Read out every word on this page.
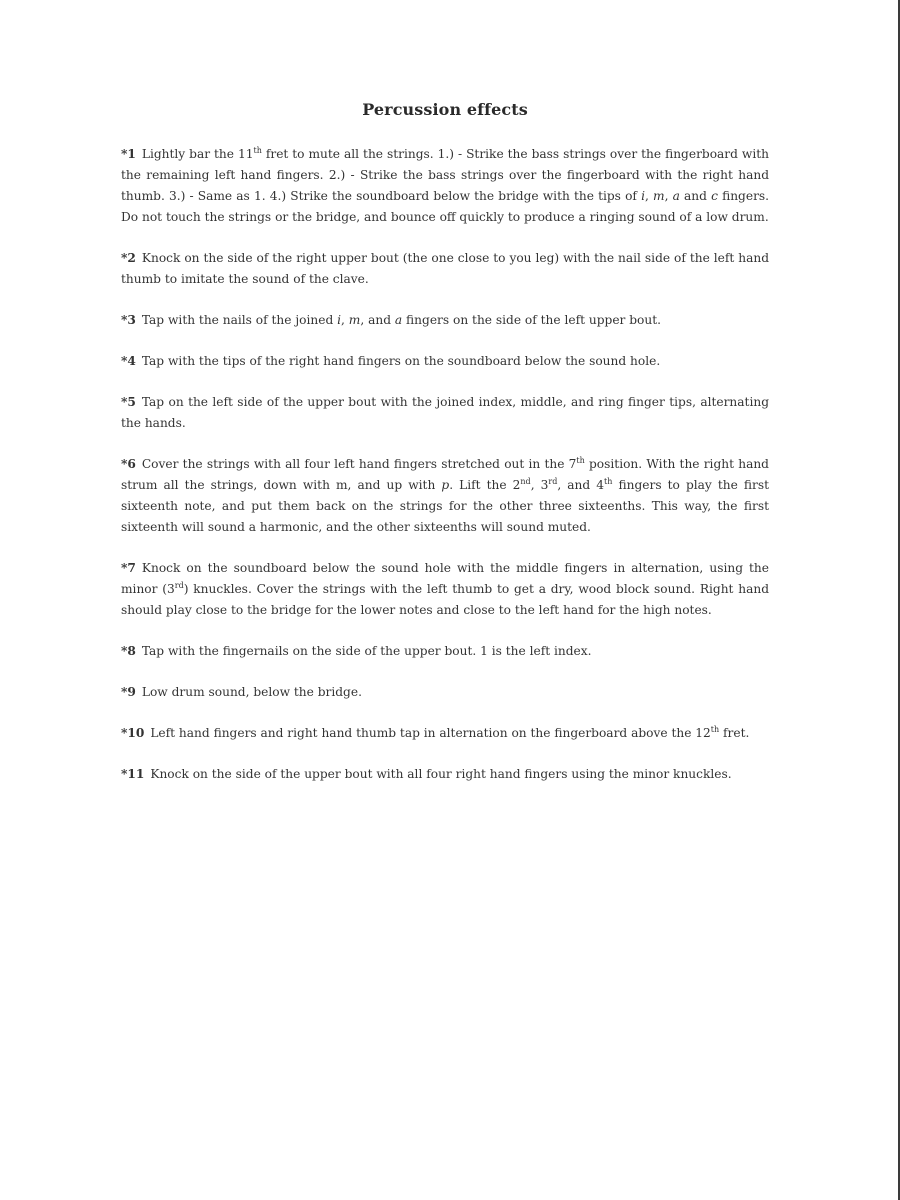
Percussion effects

*1 Lightly bar the 11th fret to mute all the strings. 1.) - Strike the bass strings over the fingerboard with the remaining left hand fingers. 2.) - Strike the bass strings over the fingerboard with the right hand thumb. 3.) - Same as 1. 4.) Strike the soundboard below the bridge with the tips of i, m, a and c fingers. Do not touch the strings or the bridge, and bounce off quickly to produce a ringing sound of a low drum.

*2 Knock on the side of the right upper bout (the one close to you leg) with the nail side of the left hand thumb to imitate the sound of the clave.

*3 Tap with the nails of the joined i, m, and a fingers on the side of the left upper bout.

*4 Tap with the tips of the right hand fingers on the soundboard below the sound hole.

*5 Tap on the left side of the upper bout with the joined index, middle, and ring finger tips, alternating the hands.

*6 Cover the strings with all four left hand fingers stretched out in the 7th position. With the right hand strum all the strings, down with m, and up with p. Lift the 2nd, 3rd, and 4th fingers to play the first sixteenth note, and put them back on the strings for the other three sixteenths. This way, the first sixteenth will sound a harmonic, and the other sixteenths will sound muted.

*7 Knock on the soundboard below the sound hole with the middle fingers in alternation, using the minor (3rd) knuckles. Cover the strings with the left thumb to get a dry, wood block sound. Right hand should play close to the bridge for the lower notes and close to the left hand for the high notes.

*8 Tap with the fingernails on the side of the upper bout. 1 is the left index.

*9 Low drum sound, below the bridge.

*10 Left hand fingers and right hand thumb tap in alternation on the fingerboard above the 12th fret.

*11 Knock on the side of the upper bout with all four right hand fingers using the minor knuckles.
